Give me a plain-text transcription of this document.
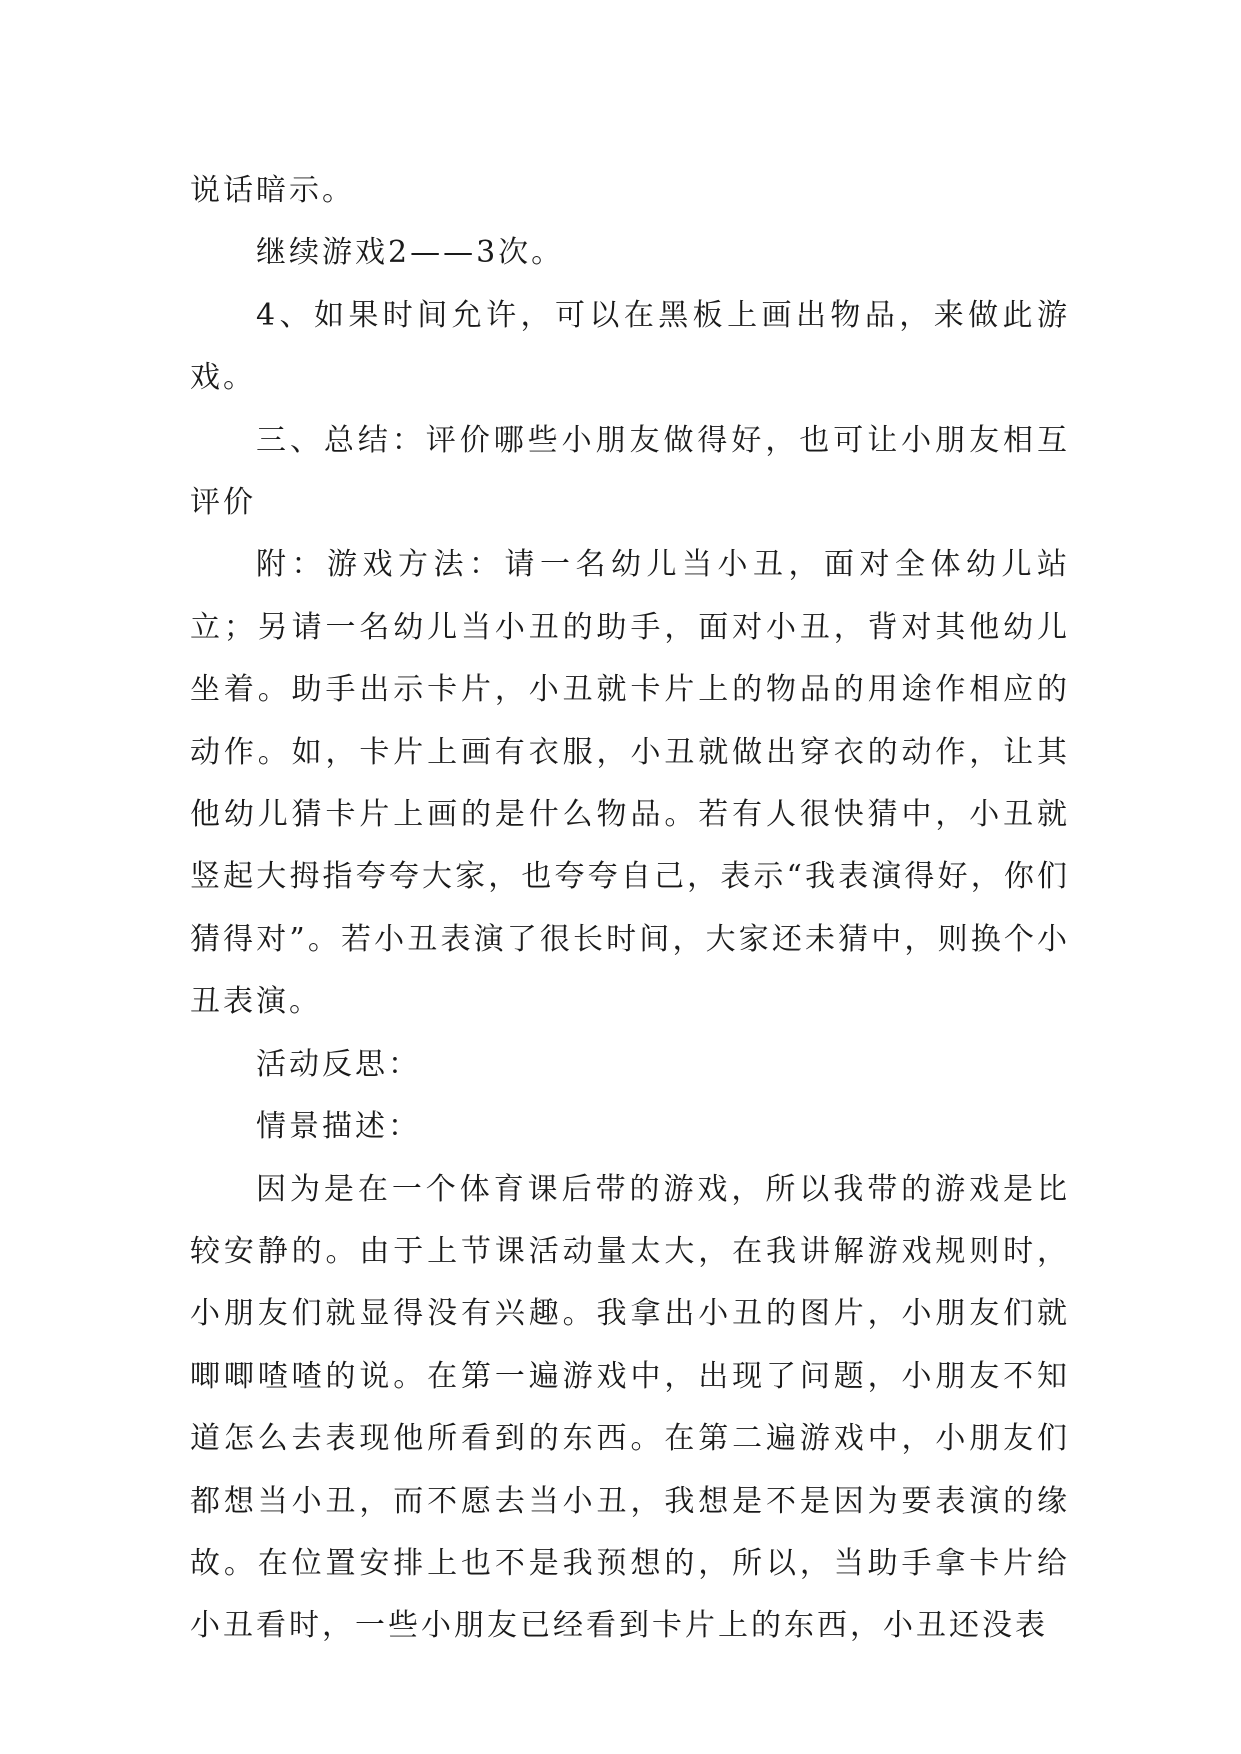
说话暗示。

继续游戏2——3次。

4、如果时间允许，可以在黑板上画出物品，来做此游戏。

三、总结：评价哪些小朋友做得好，也可让小朋友相互评价

附：游戏方法：请一名幼儿当小丑，面对全体幼儿站立；另请一名幼儿当小丑的助手，面对小丑，背对其他幼儿坐着。助手出示卡片，小丑就卡片上的物品的用途作相应的动作。如，卡片上画有衣服，小丑就做出穿衣的动作，让其他幼儿猜卡片上画的是什么物品。若有人很快猜中，小丑就竖起大拇指夸夸大家，也夸夸自己，表示“我表演得好，你们猜得对”。若小丑表演了很长时间，大家还未猜中，则换个小丑表演。

活动反思：

情景描述：

因为是在一个体育课后带的游戏，所以我带的游戏是比较安静的。由于上节课活动量太大，在我讲解游戏规则时，小朋友们就显得没有兴趣。我拿出小丑的图片，小朋友们就唧唧喳喳的说。在第一遍游戏中，出现了问题，小朋友不知道怎么去表现他所看到的东西。在第二遍游戏中，小朋友们都想当小丑，而不愿去当小丑，我想是不是因为要表演的缘故。在位置安排上也不是我预想的，所以，当助手拿卡片给小丑看时，一些小朋友已经看到卡片上的东西，小丑还没表
